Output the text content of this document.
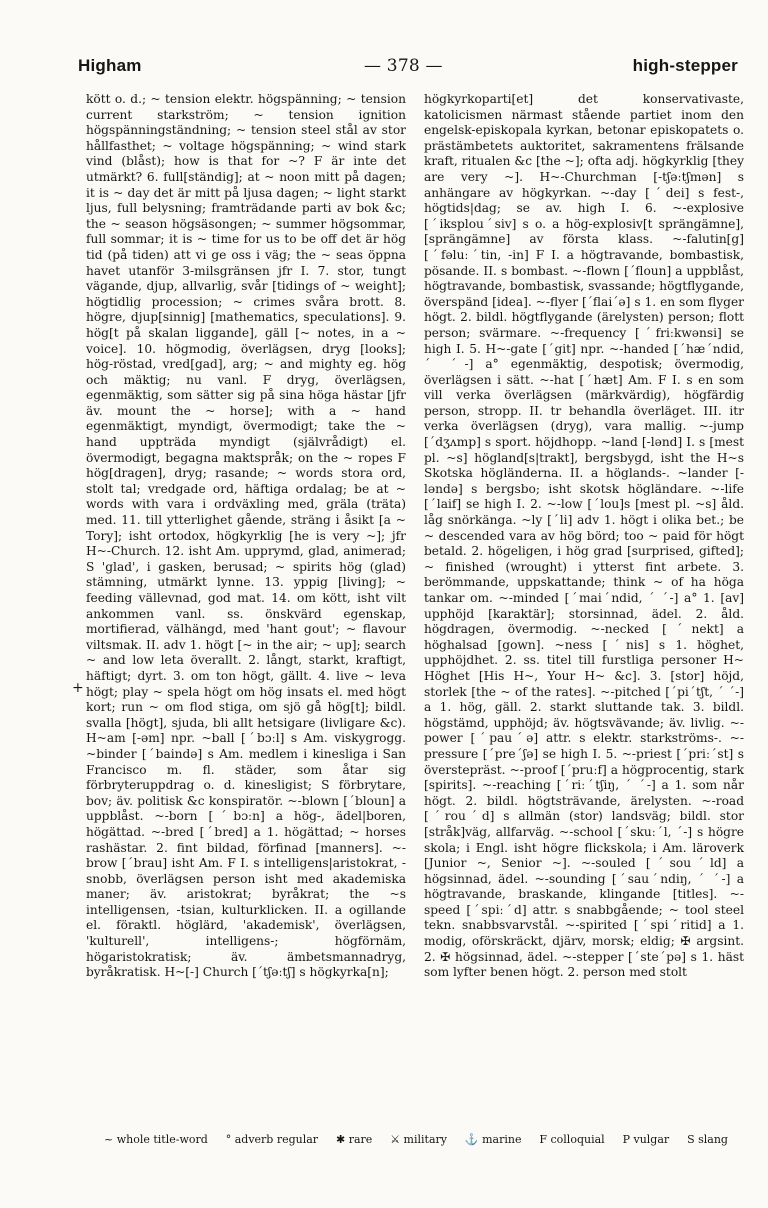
Higham	— 378 —	high-stepper

kött o. d.; ~ tension elektr. högspänning; ~ tension current starkström; ~ tension ignition högspänningständning; ~ tension steel stål av stor hållfasthet; ~ voltage högspänning; ~ wind stark vind (blåst); how is that for ~? F är inte det utmärkt? 6. full[ständig]; at ~ noon mitt på dagen; it is ~ day det är mitt på ljusa dagen; ~ light starkt ljus, full belysning; framträdande parti av bok &c; the ~ season högsäsongen; ~ summer högsommar, full sommar; it is ~ time for us to be off det är hög tid (på tiden) att vi ge oss i väg; the ~ seas öppna havet utanför 3-milsgränsen jfr I. 7. stor, tungt vägande, djup, allvarlig, svår [tidings of ~ weight]; högtidlig procession; ~ crimes svåra brott. 8. högre, djup[sinnig] [mathematics, speculations]. 9. hög[t på skalan liggande], gäll [~ notes, in a ~ voice]. 10. högmodig, överlägsen, dryg [looks]; hög-röstad, vred[gad], arg; ~ and mighty eg. hög och mäktig; nu vanl. F dryg, överlägsen, egenmäktig, som sätter sig på sina höga hästar [jfr äv. mount the ~ horse]; with a ~ hand egenmäktigt, myndigt, övermodigt; take the ~ hand uppträda myndigt (självrådigt) el. övermodigt, begagna maktspråk; on the ~ ropes F hög[dragen], dryg; rasande; ~ words stora ord, stolt tal; vredgade ord, häftiga ordalag; be at ~ words with vara i ordväxling med, gräla (träta) med. 11. till ytterlighet gående, sträng i åsikt [a ~ Tory]; isht ortodox, högkyrklig [he is very ~]; jfr H~-Church. 12. isht Am. upprymd, glad, animerad; S 'glad', i gasken, berusad; ~ spirits hög (glad) stämning, utmärkt lynne. 13. yppig [living]; ~ feeding vällevnad, god mat. 14. om kött, isht vilt ankommen vanl. ss. önskvärd egenskap, mortifierad, välhängd, med 'hant gout'; ~ flavour viltsmak. II. adv 1. högt [~ in the air; ~ up]; search ~ and low leta överallt. 2. långt, starkt, kraftigt, häftigt; dyrt. 3. om ton högt, gällt. 4. live ~ leva högt; play ~ spela högt om hög insats el. med högt kort; run ~ om flod stiga, om sjö gå hög[t]; bildl. svalla [högt], sjuda, bli allt hetsigare (livligare &c). H~am [-əm] npr. ~ball [ˊbɔːl] s Am. viskygrogg. ~binder [ˊbaində] s Am. medlem i kinesliga i San Francisco m. fl. städer, som åtar sig förbryteruppdrag o. d. kinesligist; S förbrytare, bov; äv. politisk &c konspiratör. ~-blown [ˊbloun] a uppblåst. ~-born [ˊbɔːn] a hög-, ädel|boren, högättad. ~-bred [ˊbred] a 1. högättad; ~ horses rashästar. 2. fint bildad, förfinad [manners]. ~-brow [ˊbrau] isht Am. F I. s intelligens|aristokrat, -snobb, överlägsen person isht med akademiska maner; äv. aristokrat; byråkrat; the ~s intelligensen, -tsian, kulturklicken. II. a ogillande el. föraktl. höglärd, 'akademisk', överlägsen, 'kulturell', intelligens-; högförnäm, högaristokratisk; äv. ämbetsmannadryg, byråkratisk. H~[-] Church [ˊtʃəːtʃ] s högkyrka[n];

+

högkyrkoparti[et] det konservativaste, katolicismen närmast stående partiet inom den engelsk-episkopala kyrkan, betonar episkopatets o. prästämbetets auktoritet, sakramentens frälsande kraft, ritualen &c [the ~]; ofta adj. högkyrklig [they are very ~]. H~-Churchman [-tʃəːtʃmən] s anhängare av högkyrkan. ~-day [ˊdei] s fest-, högtids|dag; se av. high I. 6. ~-explosive [ˊiksplouˊsiv] s o. a hög-explosiv[t sprängämne], [sprängämne] av första klass. ~-falutin[g] [ˊfəluːˊtin, -in] F I. a högtravande, bombastisk, pösande. II. s bombast. ~-flown [ˊfloun] a uppblåst, högtravande, bombastisk, svassande; högtflygande, överspänd [idea]. ~-flyer [ˊflaiˊə] s 1. en som flyger högt. 2. bildl. högtflygande (ärelysten) person; flott person; svärmare. ~-frequency [ˊfriːkwənsi] se high I. 5. H~-gate [ˊgit] npr. ~-handed [ˊhæˊndid, ˊ ˊ-] a° egenmäktig, despotisk; övermodig, överlägsen i sätt. ~-hat [ˊhæt] Am. F I. s en som vill verka överlägsen (märkvärdig), högfärdig person, stropp. II. tr behandla överläget. III. itr verka överlägsen (dryg), vara mallig. ~-jump [ˊdʒʌmp] s sport. höjdhopp. ~land [-lənd] I. s [mest pl. ~s] högland[s|trakt], bergsbygd, isht the H~s Skotska högländerna. II. a höglands-. ~lander [-ləndə] s bergsbo; isht skotsk högländare. ~-life [ˊlaif] se high I. 2. ~-low [ˊlou]s [mest pl. ~s] åld. låg snörkänga. ~ly [ˊli] adv 1. högt i olika bet.; be ~ descended vara av hög börd; too ~ paid för högt betald. 2. högeligen, i hög grad [surprised, gifted]; ~ finished (wrought) i ytterst fint arbete. 3. berömmande, uppskattande; think ~ of ha höga tankar om. ~-minded [ˊmaiˊndid, ˊ ˊ-] a° 1. [av] upphöjd [karaktär]; storsinnad, ädel. 2. åld. högdragen, övermodig. ~-necked [ˊnekt] a höghalsad [gown]. ~ness [ˊnis] s 1. höghet, upphöjdhet. 2. ss. titel till furstliga personer H~ Höghet [His H~, Your H~ &c]. 3. [stor] höjd, storlek [the ~ of the rates]. ~-pitched [ˊpiˊtʃt, ˊ ˊ-] a 1. hög, gäll. 2. starkt sluttande tak. 3. bildl. högstämd, upphöjd; äv. högtsvävande; äv. livlig. ~-power [ˊpauˊə] attr. s elektr. starkströms-. ~-pressure [ˊpreˊʃə] se high I. 5. ~-priest [ˊpriːˊst] s överstepräst. ~-proof [ˊpruːf] a högprocentig, stark [spirits]. ~-reaching [ˊriːˊtʃiŋ, ˊ ˊ-] a 1. som når högt. 2. bildl. högtsträvande, ärelysten. ~-road [ˊrouˊd] s allmän (stor) landsväg; bildl. stor [stråk]väg, allfarväg. ~-school [ˊskuːˊl, ˊ-] s högre skola; i Engl. isht högre flickskola; i Am. läroverk [Junior ~, Senior ~]. ~-souled [ˊsouˊld] a högsinnad, ädel. ~-sounding [ˊsauˊndiŋ, ˊ ˊ-] a högtravande, braskande, klingande [titles]. ~-speed [ˊspiːˊd] attr. s snabbgående; ~ tool steel tekn. snabbsvarvstål. ~-spirited [ˊspiˊritid] a 1. modig, oförskräckt, djärv, morsk; eldig; ✠ argsint. 2. ✠ högsinnad, ädel. ~-stepper [ˊsteˊpə] s 1. häst som lyfter benen högt. 2. person med stolt

~ whole title-word ° adverb regular ✱ rare ⚔ military ⚓ marine F colloquial P vulgar S slang
